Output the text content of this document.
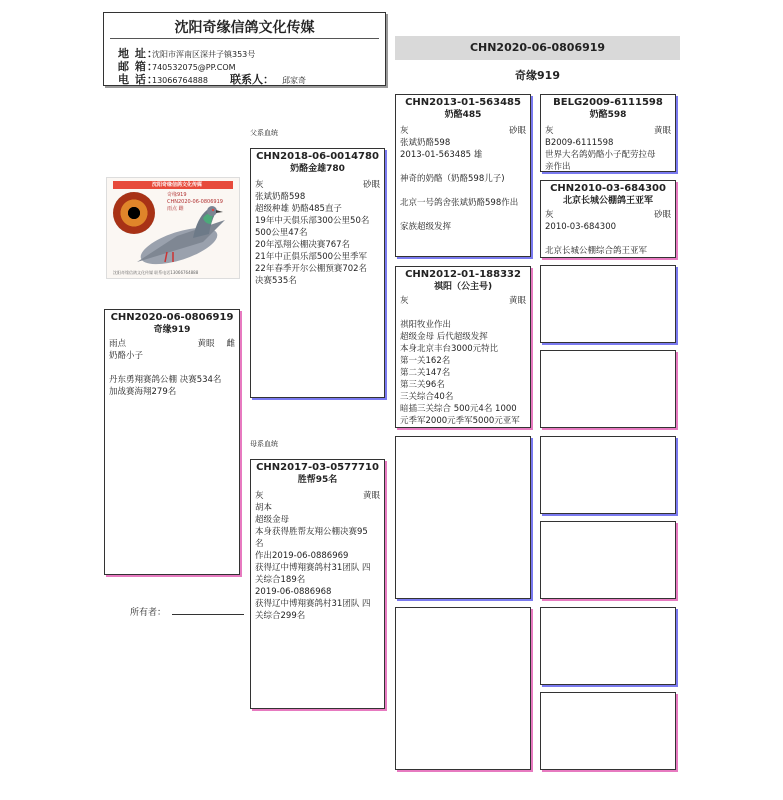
沈阳奇缘信鸽文化传媒
地 址：沈阳市浑南区深井子镇353号
邮 箱：740532075@PP.COM
电 话：13066764888 联系人： 邱家奇
CHN2020-06-0806919
奇缘919
沈阳奇缘信鸽文化传媒
奇缘919
CHN2020-06-0806919
雨点 雌
沈阳奇缘信鸽文化传媒 联系电话13066764888
CHN2020-06-0806919
奇缘919
雨点	黄眼 雌
奶酪小子
丹东勇翔赛鸽公棚 决赛534名
加战赛海翔279名
所有者：
父系血统
母系血统
CHN2018-06-0014780
奶酪金雄780
灰	砂眼
张斌奶酪598
超级种雄 奶酪485直子
19年中天俱乐部300公里50名
500公里47名
20年泓翔公棚决赛767名
21年中正俱乐部500公里季军
22年春季开尔公棚预赛702名
决赛535名
CHN2017-03-0577710
胜帮95名
灰	黄眼
胡本
超级金母
本身获得胜帮友翔公棚决赛95
名
作出2019-06-0886969
获得辽中博翔赛鸽村31团队 四
关综合189名
2019-06-0886968
获得辽中博翔赛鸽村31团队 四
关综合299名
CHN2013-01-563485
奶酪485
灰	砂眼
张斌奶酪598
2013-01-563485 雄
神奇的奶酪（奶酪598儿子)

北京一号鸽舍张斌奶酪598作出

家族超级发挥
CHN2012-01-188332
祺阳（公主号)
灰	黄眼
祺阳牧业作出
超级金母 后代超级发挥
本身北京丰台3000元特比
第一关162名
第二关147名
第三关96名
三关综合40名
暗插三关综合 500元4名 1000
元季军2000元季军5000元亚军
BELG2009-6111598
奶酪598
灰	黄眼
B2009-6111598
世界大名鸽奶酪小子配劳拉母
亲作出
CHN2010-03-684300
北京长城公棚鸽王亚军
灰	砂眼
2010-03-684300

北京长城公棚综合鸽王亚军
